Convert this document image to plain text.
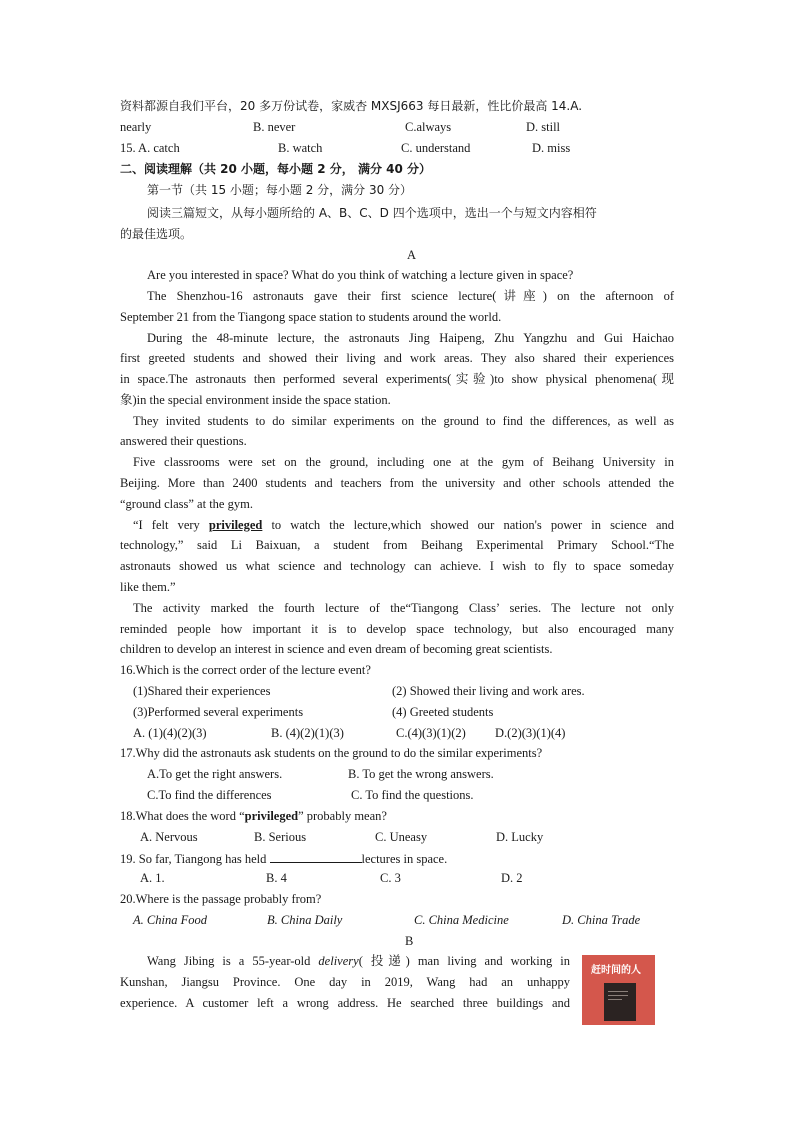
资料都源自我们平台，20 多万份试卷，家威杏 MXSJ663 每日最新，性比价最高 14.A.
nearly	B. never	C.always	D. still
15. A. catch	B. watch	C. understand	D. miss
二、阅读理解（共 20 小题，每小题 2 分， 满分 40 分）
第一节（共 15 小题；每小题 2 分，满分 30 分）
阅读三篇短文，从每小题所给的 A、B、C、D 四个选项中，选出一个与短文内容相符
的最佳选项。
A
Are you interested in space? What do you think of watching a lecture given in space?
The Shenzhou-16 astronauts gave their first science lecture(讲座) on the afternoon of
September 21 from the Tiangong space station to students around the world.
During the 48-minute lecture, the astronauts Jing Haipeng, Zhu Yangzhu and Gui Haichao
first greeted students and showed their living and work areas. They also shared their experiences
in space.The astronauts then performed several experiments(实验)to show physical phenomena(现
象)in the special environment inside the space station.
They invited students to do similar experiments on the ground to find the differences, as well as
answered their questions.
Five classrooms were set on the ground, including one at the gym of Beihang University in
Beijing. More than 2400 students and teachers from the university and other schools attended the
“ground class” at the gym.
“I felt very privileged to watch the lecture,which showed our nation's power in science and
technology,” said Li Baixuan, a student from Beihang Experimental Primary School.“The
astronauts showed us what science and technology can achieve. I wish to fly to space someday
like them.”
The activity marked the fourth lecture of the“Tiangong Class’ series. The lecture not only
reminded people how important it is to develop space technology, but also encouraged many
children to develop an interest in science and even dream of becoming great scientists.
16.Which is the correct order of the lecture event?
(1)Shared their experiences	(2) Showed their living and work ares.
(3)Performed several experiments	(4) Greeted students
A. (1)(4)(2)(3)	B. (4)(2)(1)(3)	C.(4)(3)(1)(2) D.(2)(3)(1)(4)
17.Why did the astronauts ask students on the ground to do the similar experiments?
A.To get the right answers.	B. To get the wrong answers.
C.To find the differences	C. To find the questions.
18.What does the word “privileged” probably mean?
A. Nervous	B. Serious	C. Uneasy	D. Lucky
19. So far, Tiangong has held	lectures in space.
A. 1.	B. 4	C. 3	D. 2
20.Where is the passage probably from?
A. China Food	B. China Daily	C. China Medicine	D. China Trade
B
Wang Jibing is a 55-year-old delivery( 投递) man living and working in
Kunshan, Jiangsu Province. One day in 2019, Wang had an unhappy
experience. A customer left a wrong address. He searched three buildings and
赶时间的人
